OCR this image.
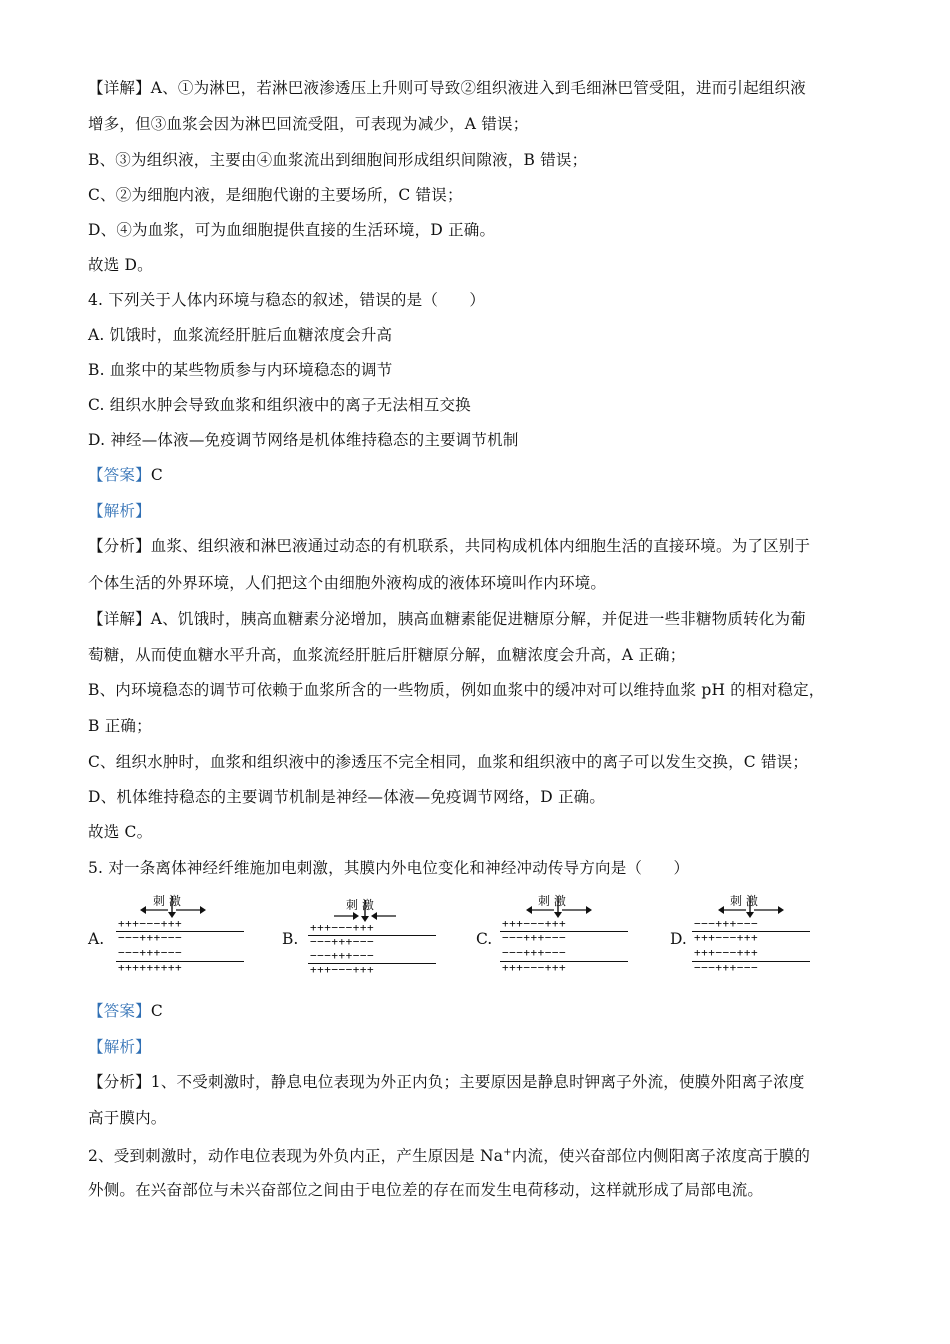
【详解】A、①为淋巴，若淋巴液渗透压上升则可导致②组织液进入到毛细淋巴管受阻，进而引起组织液
增多，但③血浆会因为淋巴回流受阻，可表现为减少，A 错误；
B、③为组织液，主要由④血浆流出到细胞间形成组织间隙液，B 错误；
C、②为细胞内液，是细胞代谢的主要场所，C 错误；
D、④为血浆，可为血细胞提供直接的生活环境，D 正确。
故选 D。
4. 下列关于人体内环境与稳态的叙述，错误的是（　　）
A. 饥饿时，血浆流经肝脏后血糖浓度会升高
B. 血浆中的某些物质参与内环境稳态的调节
C. 组织水肿会导致血浆和组织液中的离子无法相互交换
D. 神经—体液—免疫调节网络是机体维持稳态的主要调节机制
【答案】C
【解析】
【分析】血浆、组织液和淋巴液通过动态的有机联系，共同构成机体内细胞生活的直接环境。为了区别于
个体生活的外界环境，人们把这个由细胞外液构成的液体环境叫作内环境。
【详解】A、饥饿时，胰高血糖素分泌增加，胰高血糖素能促进糖原分解，并促进一些非糖物质转化为葡
萄糖，从而使血糖水平升高，血浆流经肝脏后肝糖原分解，血糖浓度会升高，A 正确；
B、内环境稳态的调节可依赖于血浆所含的一些物质，例如血浆中的缓冲对可以维持血浆 pH 的相对稳定，
B 正确；
C、组织水肿时，血浆和组织液中的渗透压不完全相同，血浆和组织液中的离子可以发生交换，C 错误；
D、机体维持稳态的主要调节机制是神经—体液—免疫调节网络，D 正确。
故选 C。
5. 对一条离体神经纤维施加电刺激，其膜内外电位变化和神经冲动传导方向是（　　）
A.
刺 激
+++−−−+++
−−−+++−−−
−−−+++−−−
+++++++++
B.
刺 激
+++−−−+++
−−−+++−−−
−−−+++−−−
+++−−−+++
C.
刺 激
+++−−−+++
−−−+++−−−
−−−+++−−−
+++−−−+++
D.
刺 激
−−−+++−−−
+++−−−+++
+++−−−+++
−−−+++−−−
【答案】C
【解析】
【分析】1、不受刺激时，静息电位表现为外正内负；主要原因是静息时钾离子外流，使膜外阳离子浓度
高于膜内。
2、受到刺激时，动作电位表现为外负内正，产生原因是 Na+内流，使兴奋部位内侧阳离子浓度高于膜的
外侧。在兴奋部位与未兴奋部位之间由于电位差的存在而发生电荷移动，这样就形成了局部电流。
